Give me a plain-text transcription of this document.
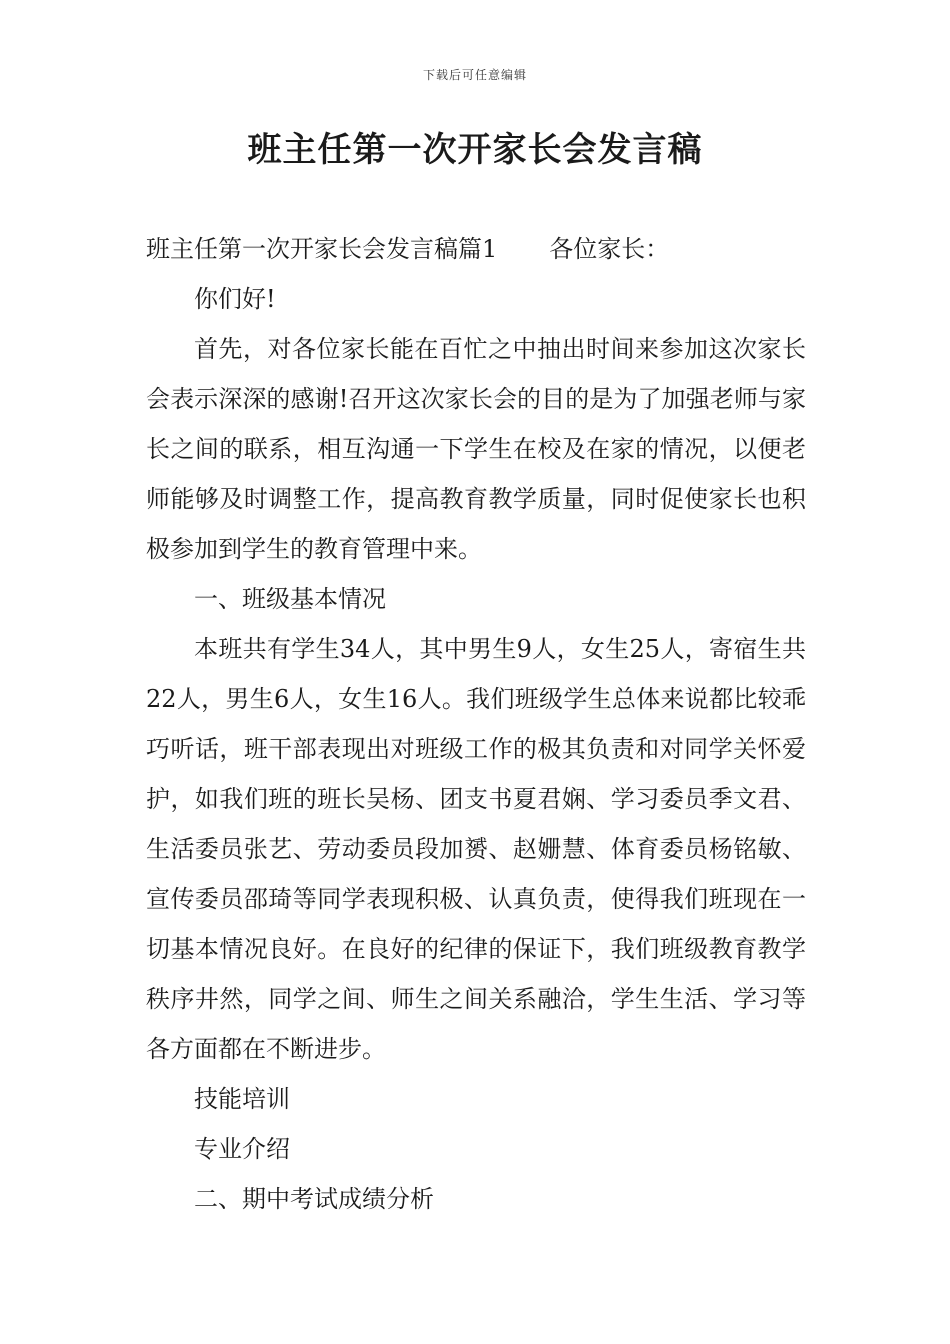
下载后可任意编辑
班主任第一次开家长会发言稿

班主任第一次开家长会发言稿篇1 各位家长：

你们好!

首先，对各位家长能在百忙之中抽出时间来参加这次家长会表示深深的感谢!召开这次家长会的目的是为了加强老师与家长之间的联系，相互沟通一下学生在校及在家的情况，以便老师能够及时调整工作，提高教育教学质量，同时促使家长也积极参加到学生的教育管理中来。

一、班级基本情况

本班共有学生34人，其中男生9人，女生25人，寄宿生共22人，男生6人，女生16人。我们班级学生总体来说都比较乖巧听话，班干部表现出对班级工作的极其负责和对同学关怀爱护，如我们班的班长吴杨、团支书夏君娴、学习委员季文君、生活委员张艺、劳动委员段加赟、赵姗慧、体育委员杨铭敏、宣传委员邵琦等同学表现积极、认真负责，使得我们班现在一切基本情况良好。在良好的纪律的保证下，我们班级教育教学秩序井然，同学之间、师生之间关系融洽，学生生活、学习等各方面都在不断进步。

技能培训

专业介绍

二、期中考试成绩分析
